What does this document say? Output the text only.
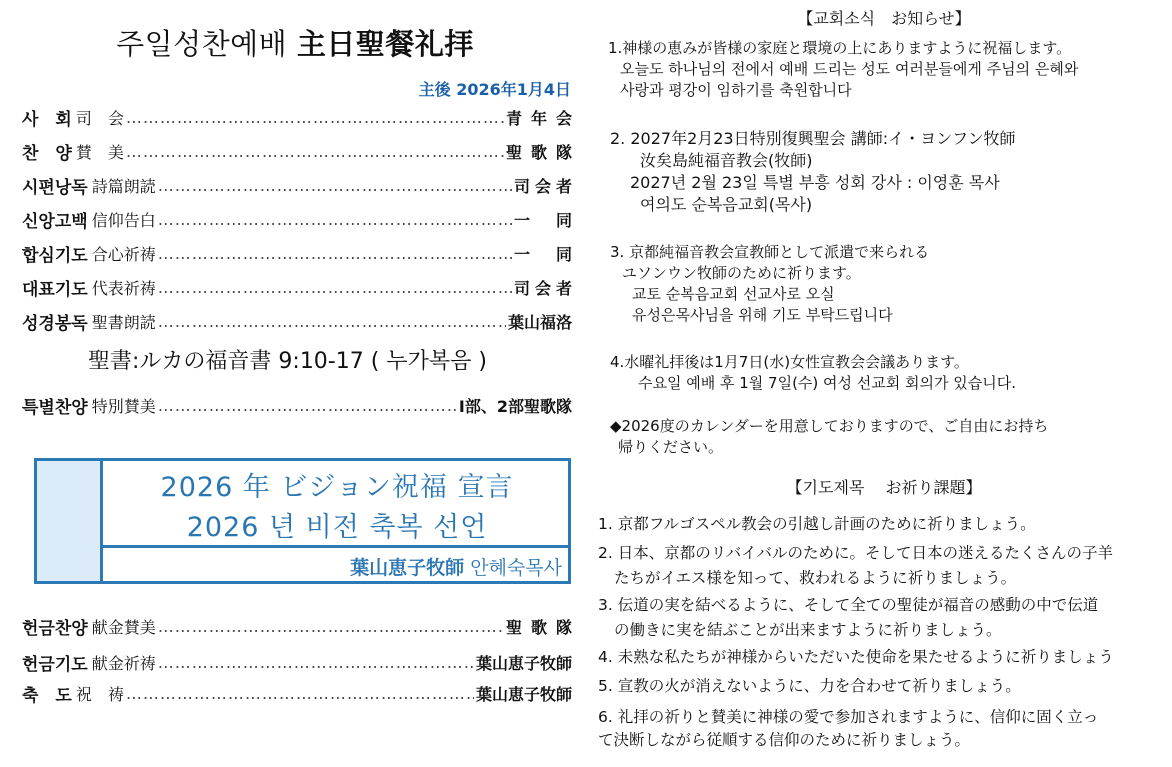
주일성찬예배 主日聖餐礼拝
主後 2026年1月4日
사　회 司　会 …………………………………………………………………………………………………………………………………	青年会
찬　양 賛　美 …………………………………………………………………………………………………………………………………	聖歌隊
시편낭독 詩篇朗読 …………………………………………………………………………………………………………………………………	司会者
신앙고백 信仰告白 …………………………………………………………………………………………………………………………………	一　同
합심기도 合心祈祷 …………………………………………………………………………………………………………………………………	一　同
대표기도 代表祈祷 …………………………………………………………………………………………………………………………………	司会者
성경봉독 聖書朗読 …………………………………………………………………………………………………………………………………	葉山福洛
聖書:ルカの福音書 9:10-17 ( 누가복음 )
특별찬양 特別賛美 …………………………………………………………………………………………………………………………………	Ⅰ部、2部聖歌隊
2026 年 ビジョン祝福 宣言
2026 년 비전 축복 선언
葉山恵子牧師 안혜숙목사
헌금찬양 献金賛美 …………………………………………………………………………………………………………………………………	聖歌隊
헌금기도 献金祈祷 …………………………………………………………………………………………………………………………………	葉山恵子牧師
축　도 祝　祷 …………………………………………………………………………………………………………………………………	葉山恵子牧師
【교회소식　お知らせ】
1.神様の恵みが皆様の家庭と環境の上にありますように祝福します。
오늘도 하나님의 전에서 예배 드리는 성도 여러분들에게 주님의 은혜와
사랑과 평강이 임하기를 축원합니다
2. 2027年2月23日特別復興聖会 講師:イ・ヨンフン牧師
汝矣島純福音教会(牧師)
2027년 2월 23일 특별 부흥 성회 강사 : 이영훈 목사
여의도 순복음교회(목사)
3. 京都純福音教会宣教師として派遣で来られる
ユソンウン牧師のために祈ります。
교토 순복음교회 선교사로 오실
유성은목사님을 위해 기도 부탁드립니다
4.水曜礼拝後は1月7日(水)女性宣教会会議あります。
수요일 예배 후 1월 7일(수) 여성 선교회 회의가 있습니다.
◆2026度のカレンダーを用意しておりますので、ご自由にお持ち
帰りください。
【기도제목　 お祈り課題】
1. 京都フルゴスペル教会の引越し計画のために祈りましょう。
2. 日本、京都のリバイバルのために。そして日本の迷えるたくさんの子羊
たちがイエス様を知って、救われるように祈りましょう。
3. 伝道の実を結べるように、そして全ての聖徒が福音の感動の中で伝道
の働きに実を結ぶことが出来ますように祈りましょう。
4. 未熟な私たちが神様からいただいた使命を果たせるように祈りましょう
5. 宣教の火が消えないように、力を合わせて祈りましょう。
6. 礼拝の祈りと賛美に神様の愛で参加されますように、信仰に固く立っ
て決断しながら従順する信仰のために祈りましょう。
